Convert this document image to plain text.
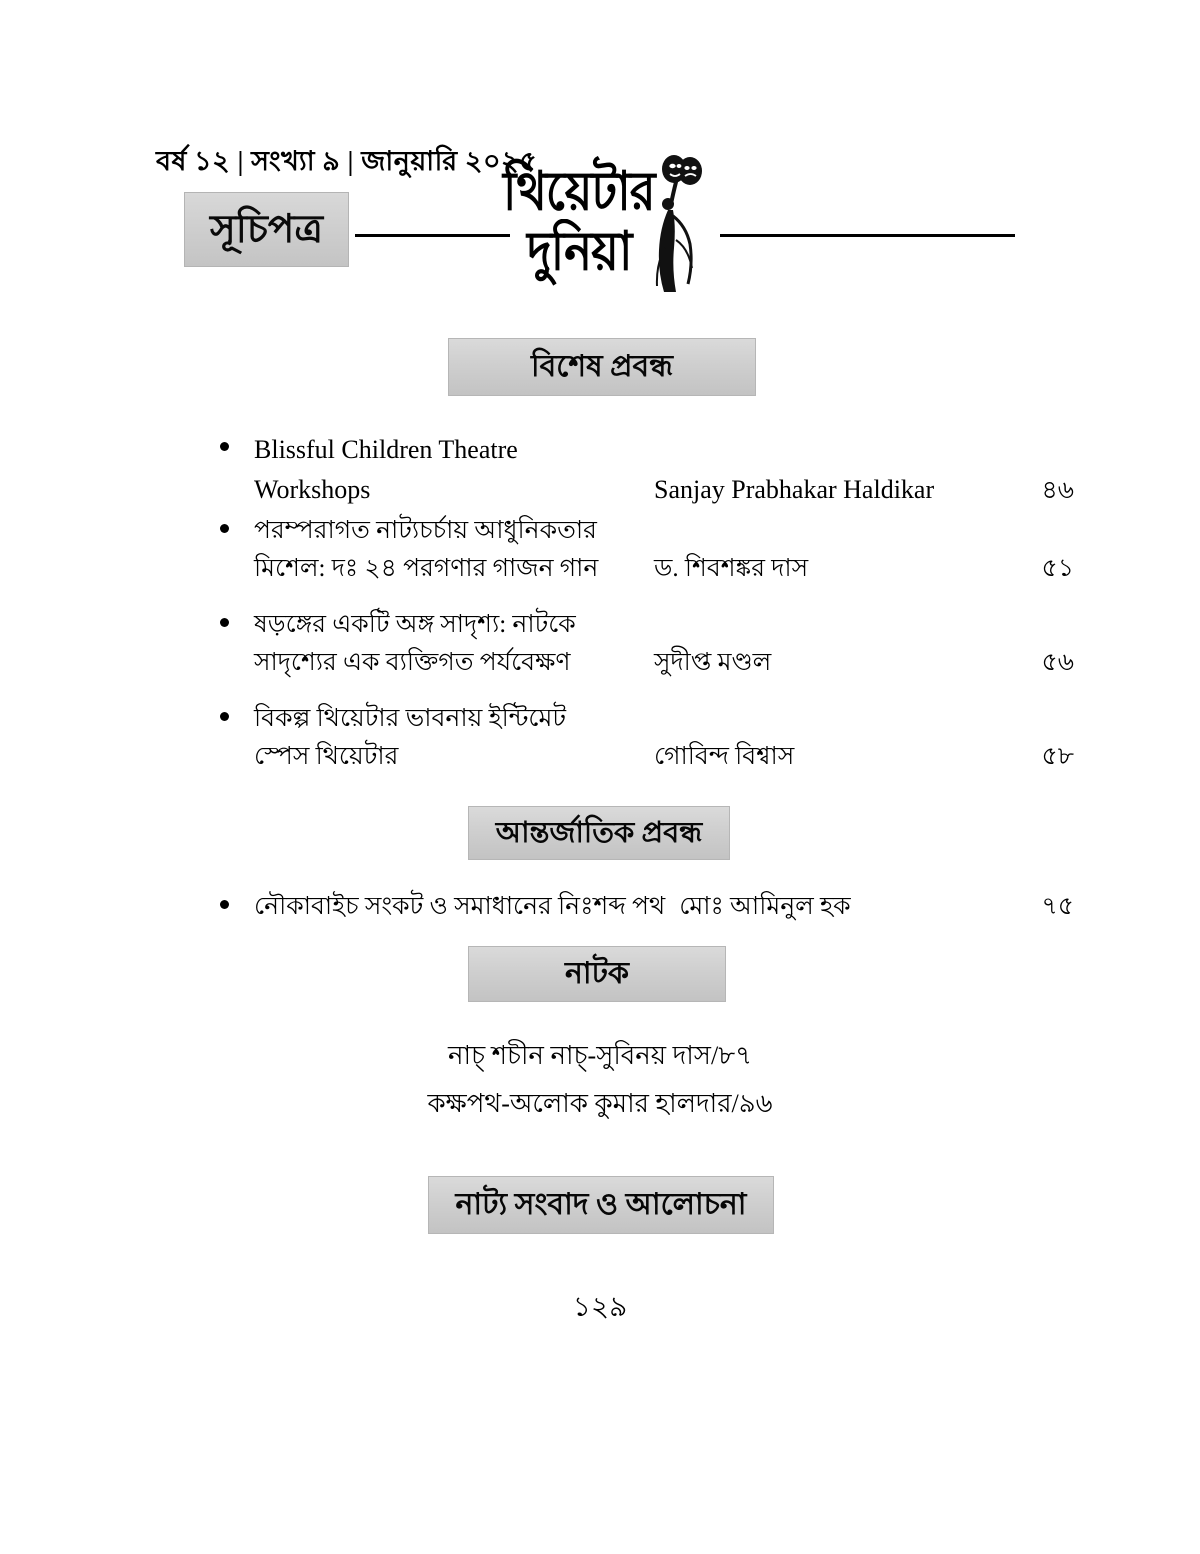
বর্ষ ১২ | সংখ্যা ৯ | জানুয়ারি ২০২৫
সূচিপত্র
থিয়েটার
দুনিয়া
বিশেষ প্রবন্ধ
Blissful Children Theatre
Workshops	Sanjay Prabhakar Haldikar	৪৬
পরম্পরাগত নাট্যচর্চায় আধুনিকতার
মিশেল: দঃ ২৪ পরগণার গাজন গান	ড. শিবশঙ্কর দাস	৫১
ষড়ঙ্গের একটি অঙ্গ সাদৃশ্য: নাটকে
সাদৃশ্যের এক ব্যক্তিগত পর্যবেক্ষণ	সুদীপ্ত মণ্ডল	৫৬
বিকল্প থিয়েটার ভাবনায় ইন্টিমেট
স্পেস থিয়েটার	গোবিন্দ বিশ্বাস	৫৮
আন্তর্জাতিক প্রবন্ধ
নৌকাবাইচ সংকট ও সমাধানের নিঃশব্দ পথ মোঃ আমিনুল হক	৭৫
নাটক
নাচ্ শচীন নাচ্-সুবিনয় দাস/৮৭
কক্ষপথ-অলোক কুমার হালদার/৯৬
নাট্য সংবাদ ও আলোচনা
১২৯
